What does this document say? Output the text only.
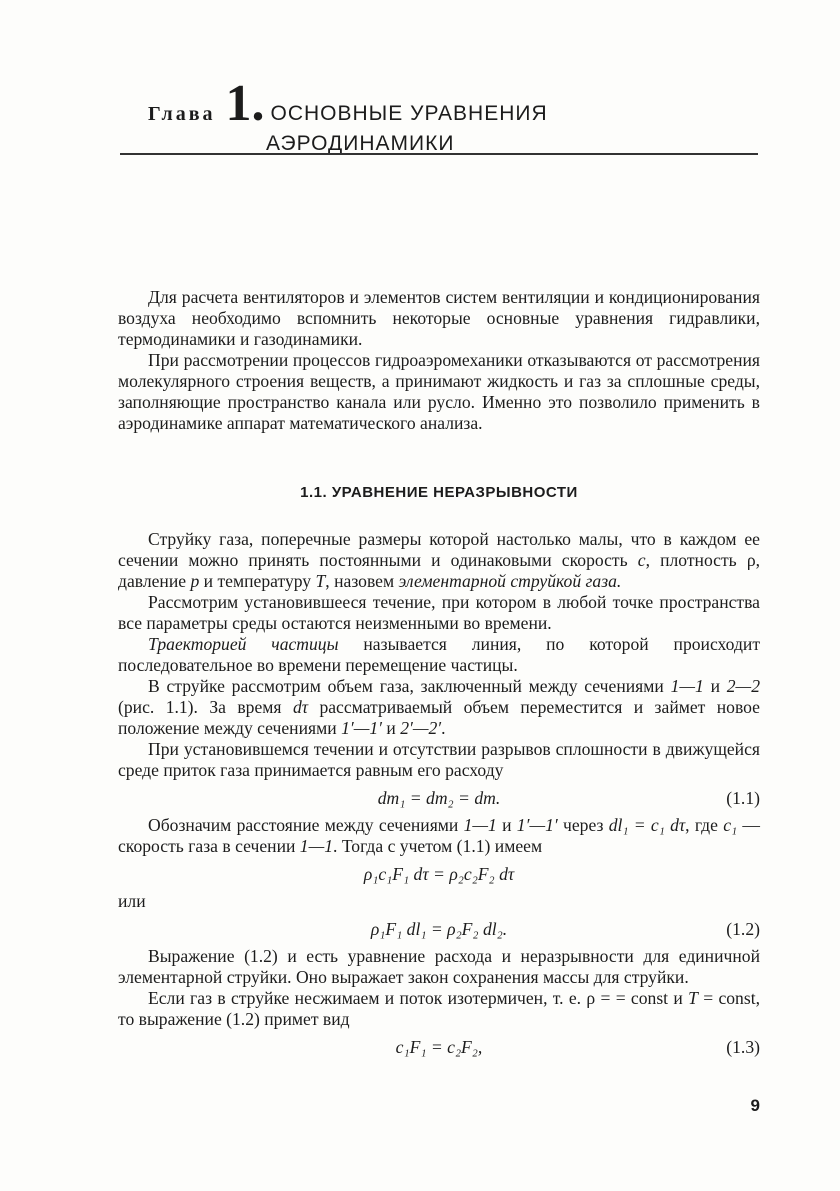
Глава 1. ОСНОВНЫЕ УРАВНЕНИЯ
АЭРОДИНАМИКИ

Для расчета вентиляторов и элементов систем вентиляции и кондиционирования воздуха необходимо вспомнить некоторые основные уравнения гидравлики, термодинамики и газодинамики.

При рассмотрении процессов гидроаэромеханики отказываются от рассмотрения молекулярного строения веществ, а принимают жидкость и газ за сплошные среды, заполняющие пространство канала или русло. Именно это позволило применить в аэродинамике аппарат математического анализа.

1.1. УРАВНЕНИЕ НЕРАЗРЫВНОСТИ

Струйку газа, поперечные размеры которой настолько малы, что в каждом ее сечении можно принять постоянными и одинаковыми скорость c, плотность ρ, давление p и температуру T, назовем элементарной струйкой газа.

Рассмотрим установившееся течение, при котором в любой точке пространства все параметры среды остаются неизменными во времени.

Траекторией частицы называется линия, по которой происходит последовательное во времени перемещение частицы.

В струйке рассмотрим объем газа, заключенный между сечениями 1—1 и 2—2 (рис. 1.1). За время dτ рассматриваемый объем переместится и займет новое положение между сечениями 1′—1′ и 2′—2′.

При установившемся течении и отсутствии разрывов сплошности в движущейся среде приток газа принимается равным его расходу

dm₁ = dm₂ = dm.	(1.1)

Обозначим расстояние между сечениями 1—1 и 1′—1′ через dl₁ = c₁ dτ, где c₁ — скорость газа в сечении 1—1. Тогда с учетом (1.1) имеем

ρ₁c₁F₁ dτ = ρ₂c₂F₂ dτ

или

ρ₁F₁ dl₁ = ρ₂F₂ dl₂.	(1.2)

Выражение (1.2) и есть уравнение расхода и неразрывности для единичной элементарной струйки. Оно выражает закон сохранения массы для струйки.

Если газ в струйке несжимаем и поток изотермичен, т. е. ρ = = const и T = const, то выражение (1.2) примет вид

c₁F₁ = c₂F₂,	(1.3)
9
